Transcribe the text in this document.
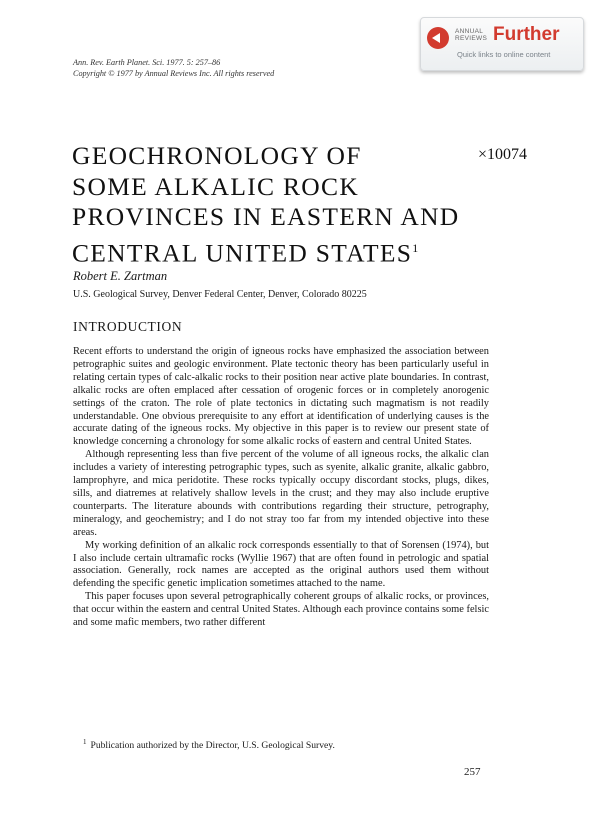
Ann. Rev. Earth Planet. Sci. 1977. 5: 257–86
Copyright © 1977 by Annual Reviews Inc. All rights reserved
ANNUAL
REVIEWS Further
Quick links to online content
GEOCHRONOLOGY OF
SOME ALKALIC ROCK
PROVINCES IN EASTERN AND
CENTRAL UNITED $STATES^1$
×10074
Robert E. Zartman
U.S. Geological Survey, Denver Federal Center, Denver, Colorado 80225
INTRODUCTION

Recent efforts to understand the origin of igneous rocks have emphasized the association between petrographic suites and geologic environment. Plate tectonic theory has been particularly useful in relating certain types of calc-alkalic rocks to their position near active plate boundaries. In contrast, alkalic rocks are often emplaced after cessation of orogenic forces or in completely anorogenic settings of the craton. The role of plate tectonics in dictating such magmatism is not readily understandable. One obvious prerequisite to any effort at identification of underlying causes is the accurate dating of the igneous rocks. My objective in this paper is to review our present state of knowledge concerning a chronology for some alkalic rocks of eastern and central United States.

Although representing less than five percent of the volume of all igneous rocks, the alkalic clan includes a variety of interesting petrographic types, such as syenite, alkalic granite, alkalic gabbro, lamprophyre, and mica peridotite. These rocks typically occupy discordant stocks, plugs, dikes, sills, and diatremes at relatively shallow levels in the crust; and they may also include eruptive counterparts. The literature abounds with contributions regarding their structure, petrography, mineralogy, and geochemistry; and I do not stray too far from my intended objective into these areas.

My working definition of an alkalic rock corresponds essentially to that of Sorensen (1974), but I also include certain ultramafic rocks (Wyllie 1967) that are often found in petrologic and spatial association. Generally, rock names are accepted as the original authors used them without defending the specific genetic implication sometimes attached to the name.

This paper focuses upon several petrographically coherent groups of alkalic rocks, or provinces, that occur within the eastern and central United States. Although each province contains some felsic and some mafic members, two rather different

$^1$ Publication authorized by the Director, U.S. Geological Survey.
257
